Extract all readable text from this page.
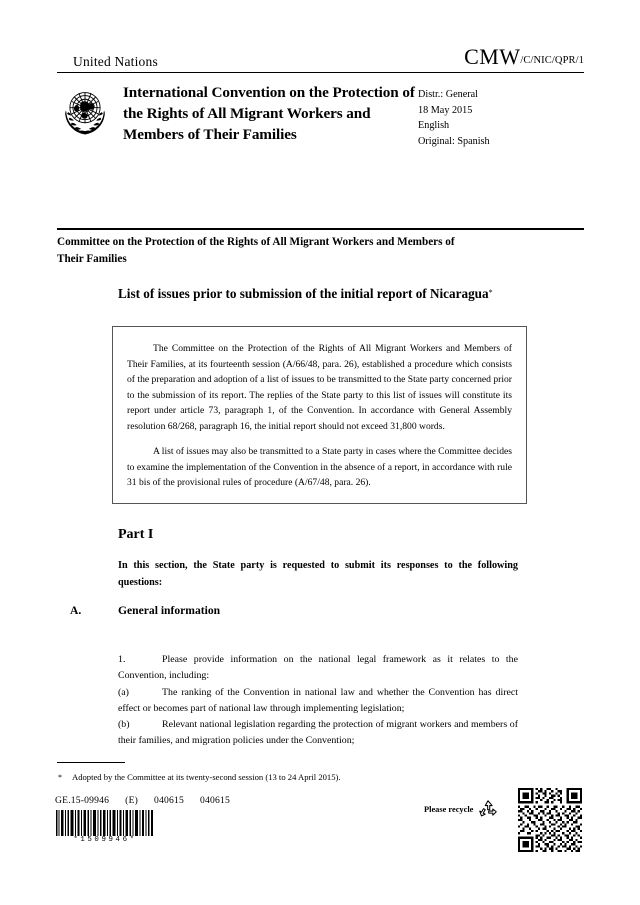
United Nations	CMW/C/NIC/QPR/1
International Convention on the Protection of the Rights of All Migrant Workers and Members of Their Families
Distr.: General
18 May 2015
English
Original: Spanish
Committee on the Protection of the Rights of All Migrant Workers and Members of Their Families
List of issues prior to submission of the initial report of Nicaragua*

The Committee on the Protection of the Rights of All Migrant Workers and Members of Their Families, at its fourteenth session (A/66/48, para. 26), established a procedure which consists of the preparation and adoption of a list of issues to be transmitted to the State party concerned prior to the submission of its report. The replies of the State party to this list of issues will constitute its report under article 73, paragraph 1, of the Convention. In accordance with General Assembly resolution 68/268, paragraph 16, the initial report should not exceed 31,800 words.

A list of issues may also be transmitted to a State party in cases where the Committee decides to examine the implementation of the Convention in the absence of a report, in accordance with rule 31 bis of the provisional rules of procedure (A/67/48, para. 26).

Part I
In this section, the State party is requested to submit its responses to the following questions:
A.	General information
1.	Please provide information on the national legal framework as it relates to the Convention, including:
(a)	The ranking of the Convention in national law and whether the Convention has direct effect or becomes part of national law through implementing legislation;
(b)	Relevant national legislation regarding the protection of migrant workers and members of their families, and migration policies under the Convention;
* Adopted by the Committee at its twenty-second session (13 to 24 April 2015).
GE.15-09946 (E) 040615 040615
*1509946*
Please recycle
